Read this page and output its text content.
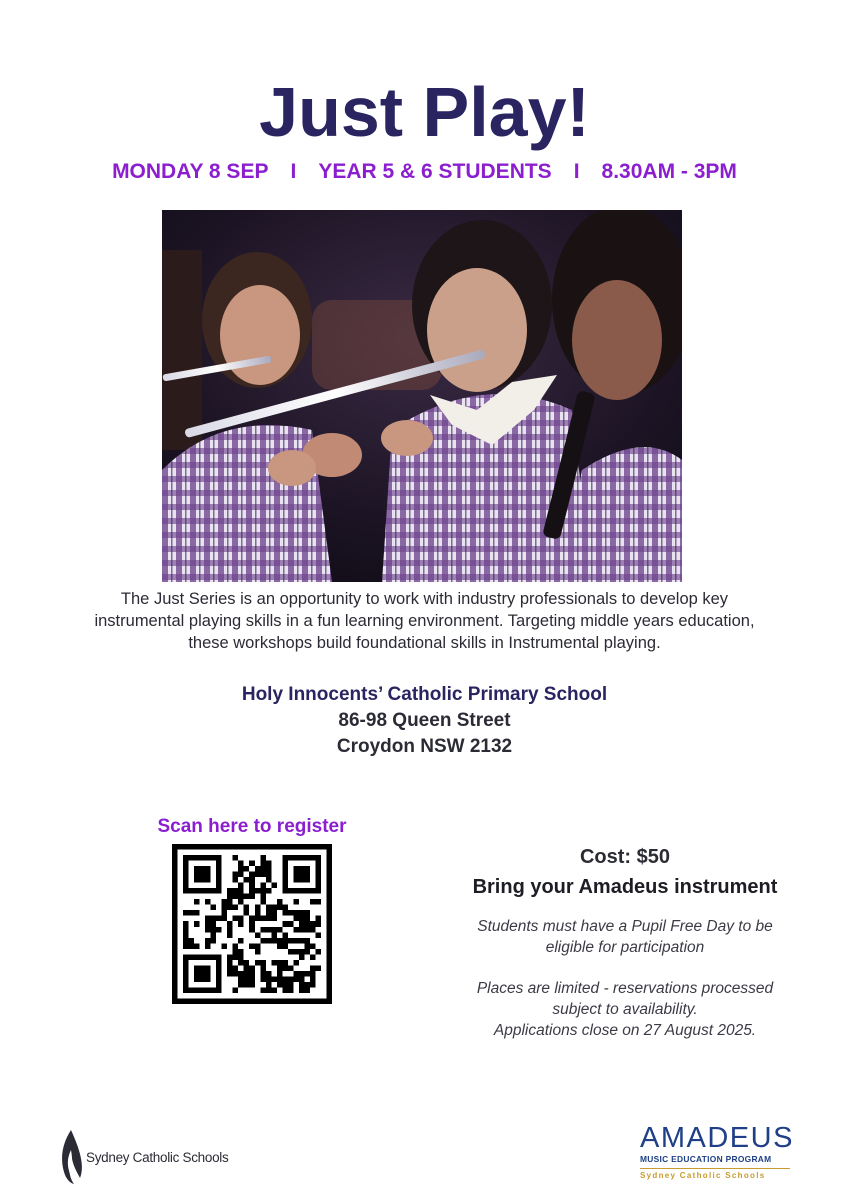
Just Play!
MONDAY 8 SEP I YEAR 5 & 6 STUDENTS I 8.30AM - 3PM
The Just Series is an opportunity to work with industry professionals to develop key
instrumental playing skills in a fun learning environment. Targeting middle years education,
these workshops build foundational skills in Instrumental playing.
Holy Innocents’ Catholic Primary School
86-98 Queen Street
Croydon NSW 2132
Scan here to register
Cost: $50
Bring your Amadeus instrument
Students must have a Pupil Free Day to be
eligible for participation
Places are limited - reservations processed
subject to availability.
Applications close on 27 August 2025.
Sydney Catholic Schools
AMADEUS
MUSIC EDUCATION PROGRAM
Sydney Catholic Schools
